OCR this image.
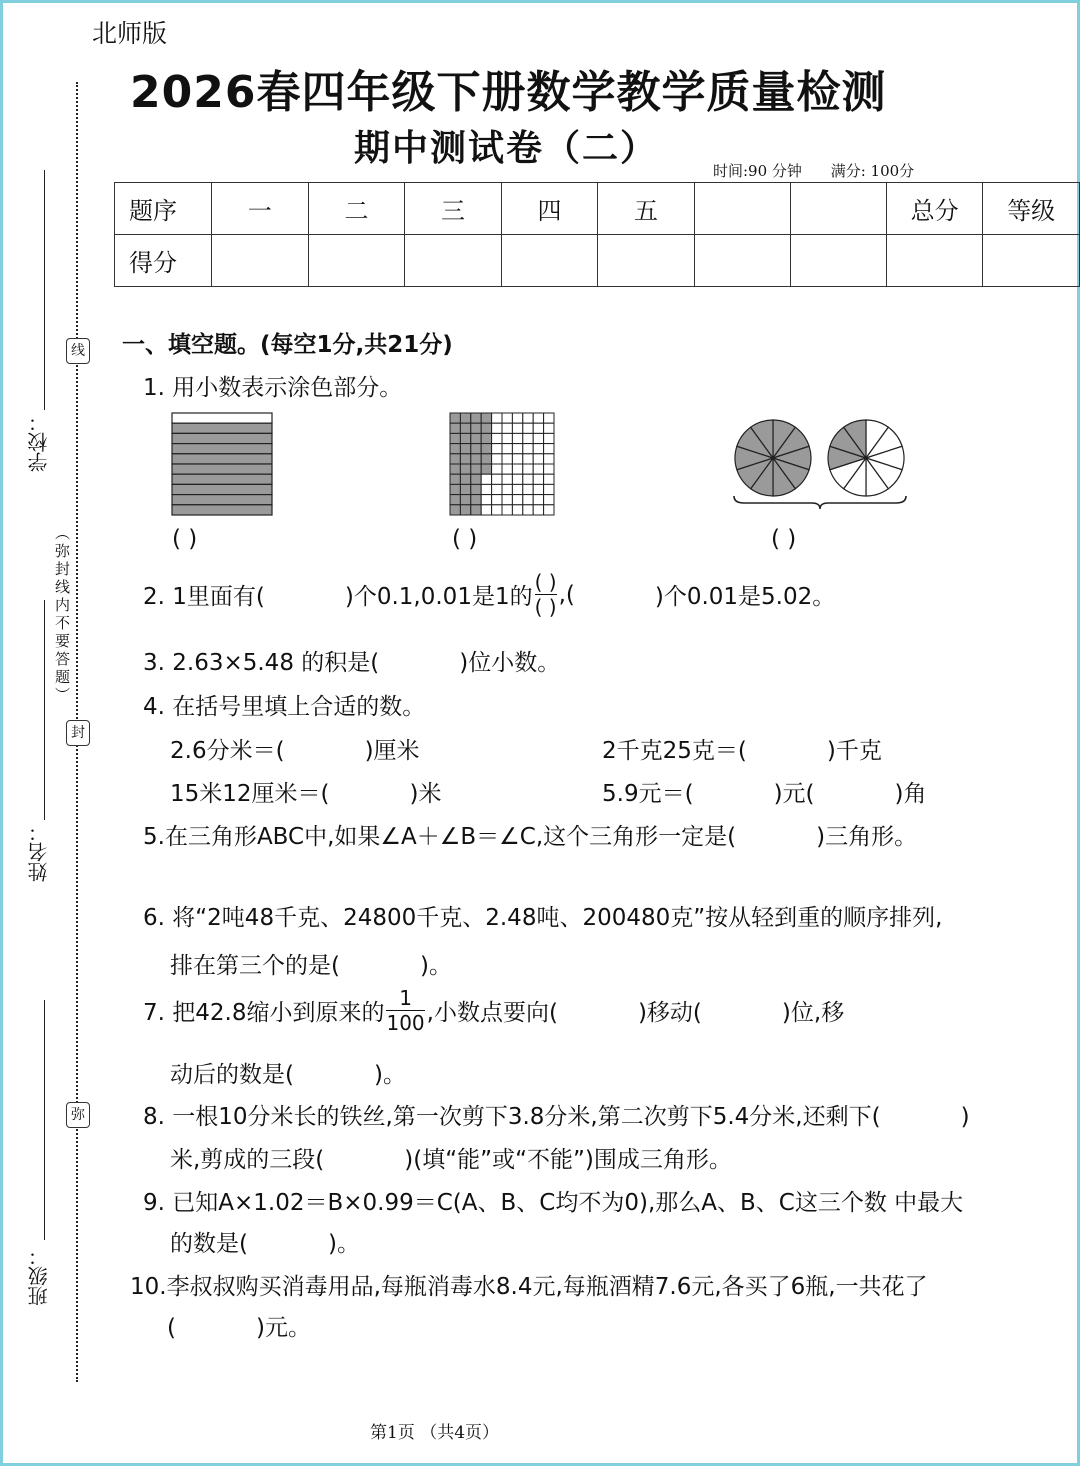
北师版
2026春四年级下册数学教学质量检测
期中测试卷（二）
时间:90 分钟 满分: 100分
题序	一	二	三	四	五			总分	等级
得分									
学校：
姓名：
班级：
线
封
弥
（弥封线内不要答题）
一、填空题。(每空1分,共21分)
1. 用小数表示涂色部分。
( )	( )	( )
2. 1里面有(	)个0.1,0.01是1的 $\frac{( )}{( )}$ ,(	)个0.01是5.02。
3. 2.63×5.48 的积是(	)位小数。
4. 在括号里填上合适的数。
2.6分米＝(	)厘米	2千克25克＝(	)千克
15米12厘米＝(	)米	5.9元＝(	)元(	)角
5.在三角形ABC中,如果∠A＋∠B＝∠C,这个三角形一定是(	)三角形。
6. 将“2吨48千克、24800千克、2.48吨、200480克”按从轻到重的顺序排列,
排在第三个的是(	)。
7. 把42.8缩小到原来的 $\frac{1}{100}$ ,小数点要向(	)移动(	)位,移
动后的数是(	)。
8. 一根10分米长的铁丝,第一次剪下3.8分米,第二次剪下5.4分米,还剩下(	)
米,剪成的三段(	)(填“能”或“不能”)围成三角形。
9. 已知A×1.02＝B×0.99＝C(A、B、C均不为0),那么A、B、C这三个数 中最大
的数是(	)。
10.李叔叔购买消毒用品,每瓶消毒水8.4元,每瓶酒精7.6元,各买了6瓶,一共花了
(	)元。
第1页 （共4页）
